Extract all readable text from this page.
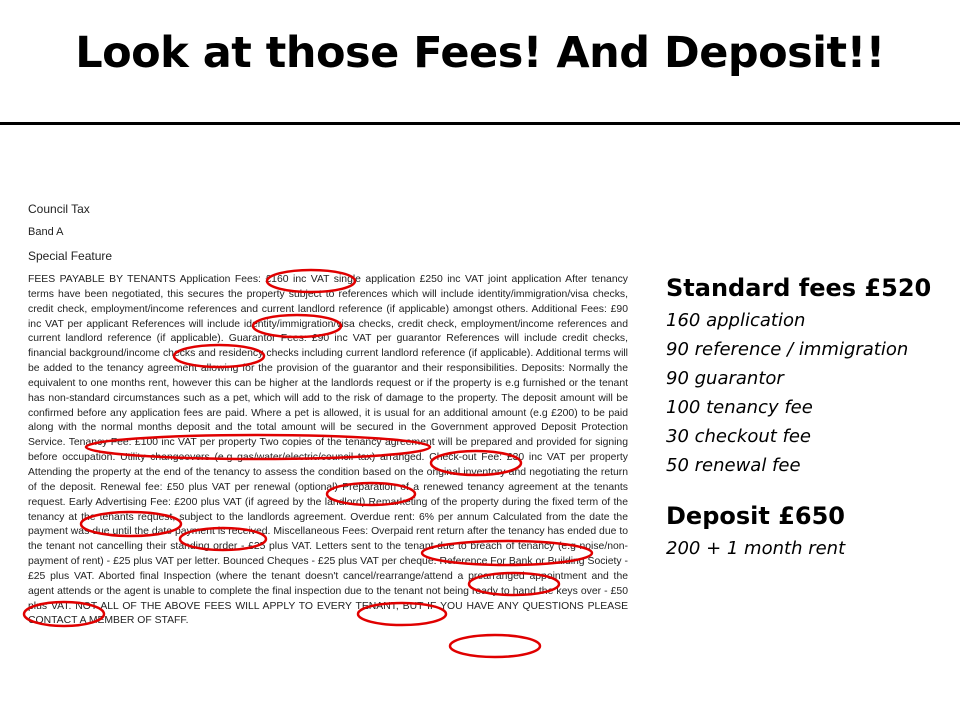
Look at those Fees! And Deposit!!

Council Tax

Band A

Special Feature

FEES PAYABLE BY TENANTS Application Fees: £160 inc VAT single application £250 inc VAT joint application After tenancy terms have been negotiated, this secures the property subject to references which will include identity/immigration/visa checks, credit check, employment/income references and current landlord reference (if applicable) amongst others. Additional Fees: £90 inc VAT per applicant References will include identity/immigration/visa checks, credit check, employment/income references and current landlord reference (if applicable). Guarantor Fees: £90 inc VAT per guarantor References will include credit checks, financial background/income checks and residency checks including current landlord reference (if applicable). Additional terms will be added to the tenancy agreement allowing for the provision of the guarantor and their responsibilities. Deposits: Normally the equivalent to one months rent, however this can be higher at the landlords request or if the property is e.g furnished or the tenant has non-standard circumstances such as a pet, which will add to the risk of damage to the property. The deposit amount will be confirmed before any application fees are paid. Where a pet is allowed, it is usual for an additional amount (e.g £200) to be paid along with the normal months deposit and the total amount will be secured in the Government approved Deposit Protection Service. Tenancy Fee: £100 inc VAT per property Two copies of the tenancy agreement will be prepared and provided for signing before occupation. Utility changeovers (e.g gas/water/electric/council tax) arranged. Check-out Fee: £30 inc VAT per property Attending the property at the end of the tenancy to assess the condition based on the original inventory and negotiating the return of the deposit. Renewal fee: £50 plus VAT per renewal (optional) Preparation of a renewed tenancy agreement at the tenants request. Early Advertising Fee: £200 plus VAT (if agreed by the landlord) Remarketing of the property during the fixed term of the tenancy at the tenants request, subject to the landlords agreement. Overdue rent: 6% per annum Calculated from the date the payment was due until the date payment is received. Miscellaneous Fees: Overpaid rent return after the tenancy has ended due to the tenant not cancelling their standing order - £25 plus VAT. Letters sent to the tenant due to breach of tenancy (e.g noise/non-payment of rent) - £25 plus VAT per letter. Bounced Cheques - £25 plus VAT per cheque. Reference For Bank or Building Society - £25 plus VAT. Aborted final Inspection (where the tenant doesn't cancel/rearrange/attend a prearranged appointment and the agent attends or the agent is unable to complete the final inspection due to the tenant not being ready to hand the keys over - £50 plus VAT. NOT ALL OF THE ABOVE FEES WILL APPLY TO EVERY TENANT, BUT IF YOU HAVE ANY QUESTIONS PLEASE CONTACT A MEMBER OF STAFF.

Standard fees £520

160 application

90 reference / immigration

90 guarantor

100 tenancy fee

30 checkout fee

50 renewal fee

Deposit £650

200 + 1 month rent
